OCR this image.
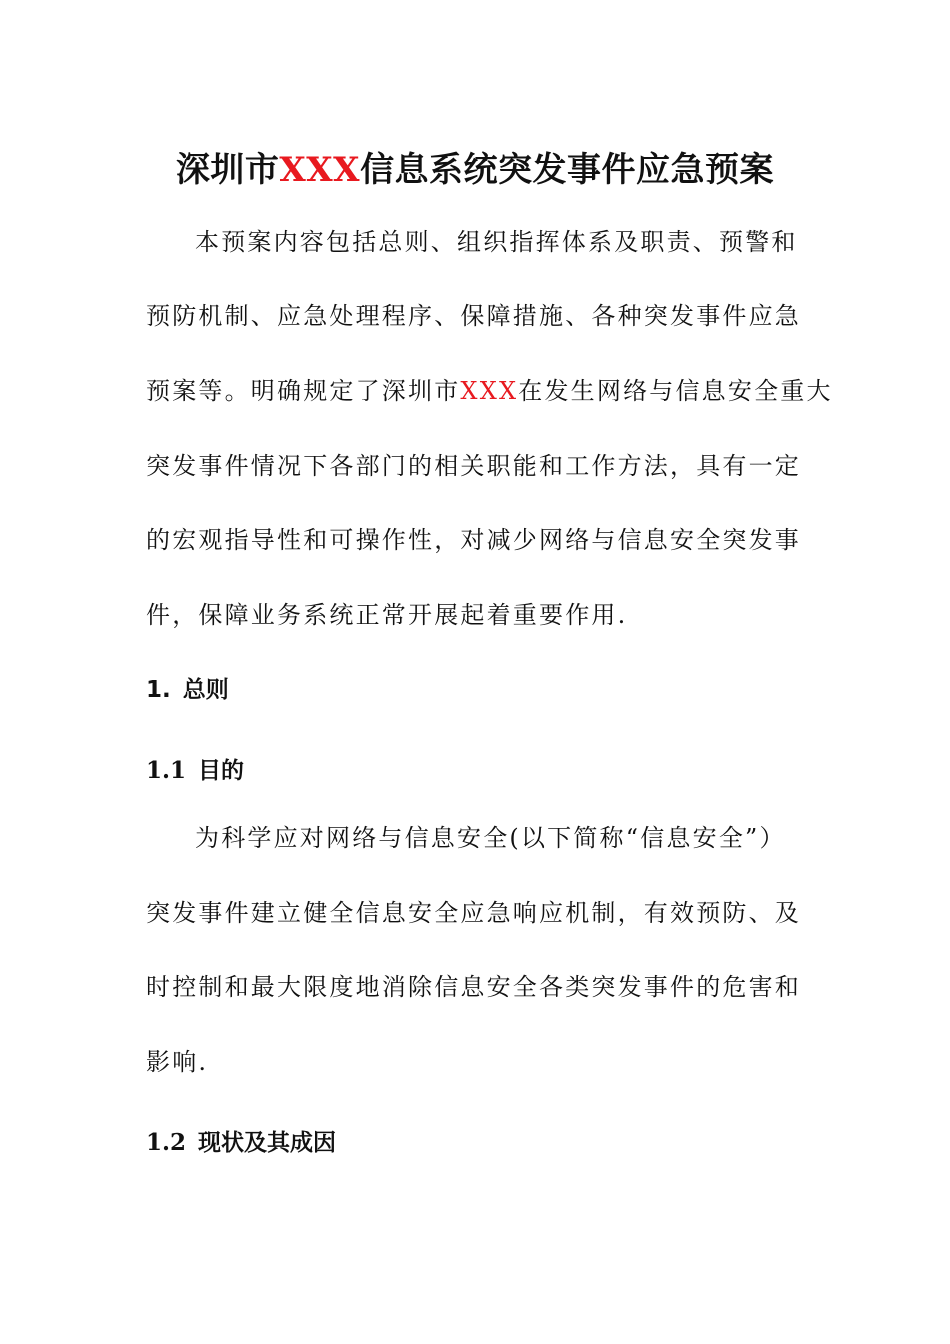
深圳市XXX信息系统突发事件应急预案
本预案内容包括总则、组织指挥体系及职责、预警和
预防机制、应急处理程序、保障措施、各种突发事件应急
预案等。明确规定了深圳市XXX在发生网络与信息安全重大
突发事件情况下各部门的相关职能和工作方法，具有一定
的宏观指导性和可操作性，对减少网络与信息安全突发事
件，保障业务系统正常开展起着重要作用.
1. 总则
1.1 目的
为科学应对网络与信息安全(以下简称“信息安全”）
突发事件建立健全信息安全应急响应机制，有效预防、及
时控制和最大限度地消除信息安全各类突发事件的危害和
影响.
1.2 现状及其成因
